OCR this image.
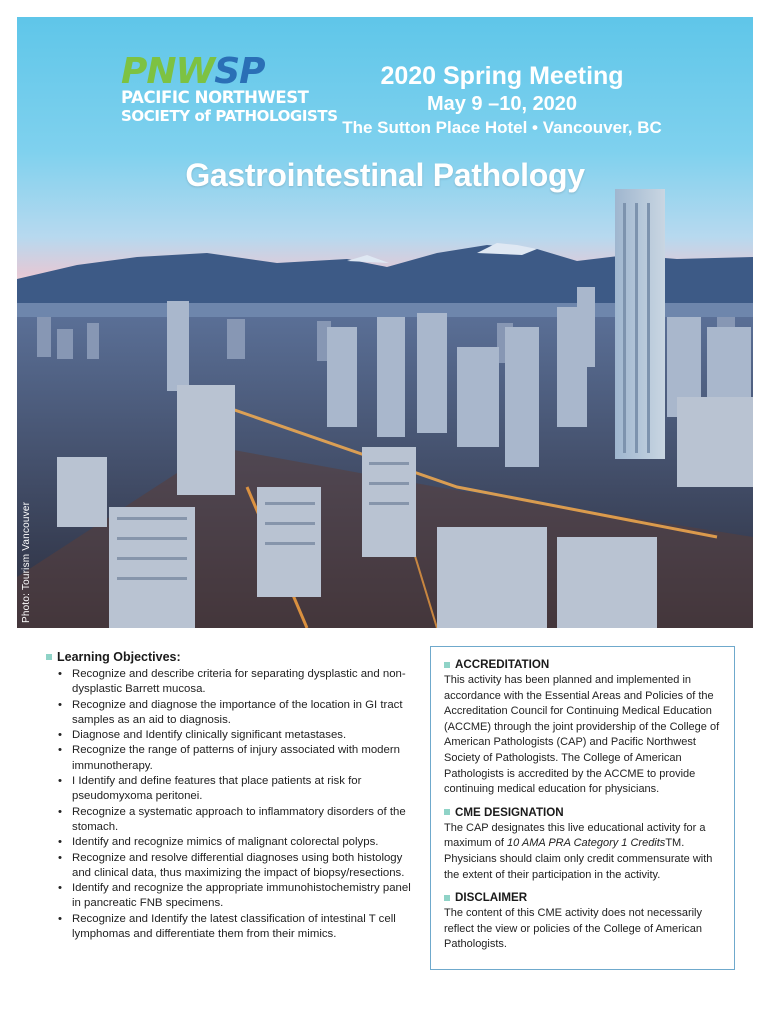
PNWSP
PACIFIC NORTHWEST
SOCIETY of PATHOLOGISTS
2020 Spring Meeting
May 9 –10, 2020
The Sutton Place Hotel • Vancouver, BC
Gastrointestinal Pathology
Photo: Tourism Vancouver
Learning Objectives:
• Recognize and describe criteria for separating dysplastic and non-dysplastic Barrett mucosa.
• Recognize and diagnose the importance of the location in GI tract samples as an aid to diagnosis.
• Diagnose and Identify clinically significant metastases.
• Recognize the range of patterns of injury associated with modern immunotherapy.
• I Identify and define features that place patients at risk for pseudomyxoma peritonei.
• Recognize a systematic approach to inflammatory disorders of the stomach.
• Identify and recognize mimics of malignant colorectal polyps.
• Recognize and resolve differential diagnoses using both histology and clinical data, thus maximizing the impact of biopsy/resections.
• Identify and recognize the appropriate immunohistochemistry panel in pancreatic FNB specimens.
• Recognize and Identify the latest classification of intestinal T cell lymphomas and differentiate them from their mimics.
ACCREDITATION

This activity has been planned and implemented in accordance with the Essential Areas and Policies of the Accreditation Council for Continuing Medical Education (ACCME) through the joint providership of the College of American Pathologists (CAP) and Pacific Northwest Society of Pathologists. The College of American Pathologists is accredited by the ACCME to provide continuing medical education for physicians.

CME DESIGNATION

The CAP designates this live educational activity for a maximum of 10 AMA PRA Category 1 CreditsTM. Physicians should claim only credit commensurate with the extent of their participation in the activity.

DISCLAIMER

The content of this CME activity does not necessarily reflect the view or policies of the College of American Pathologists.
